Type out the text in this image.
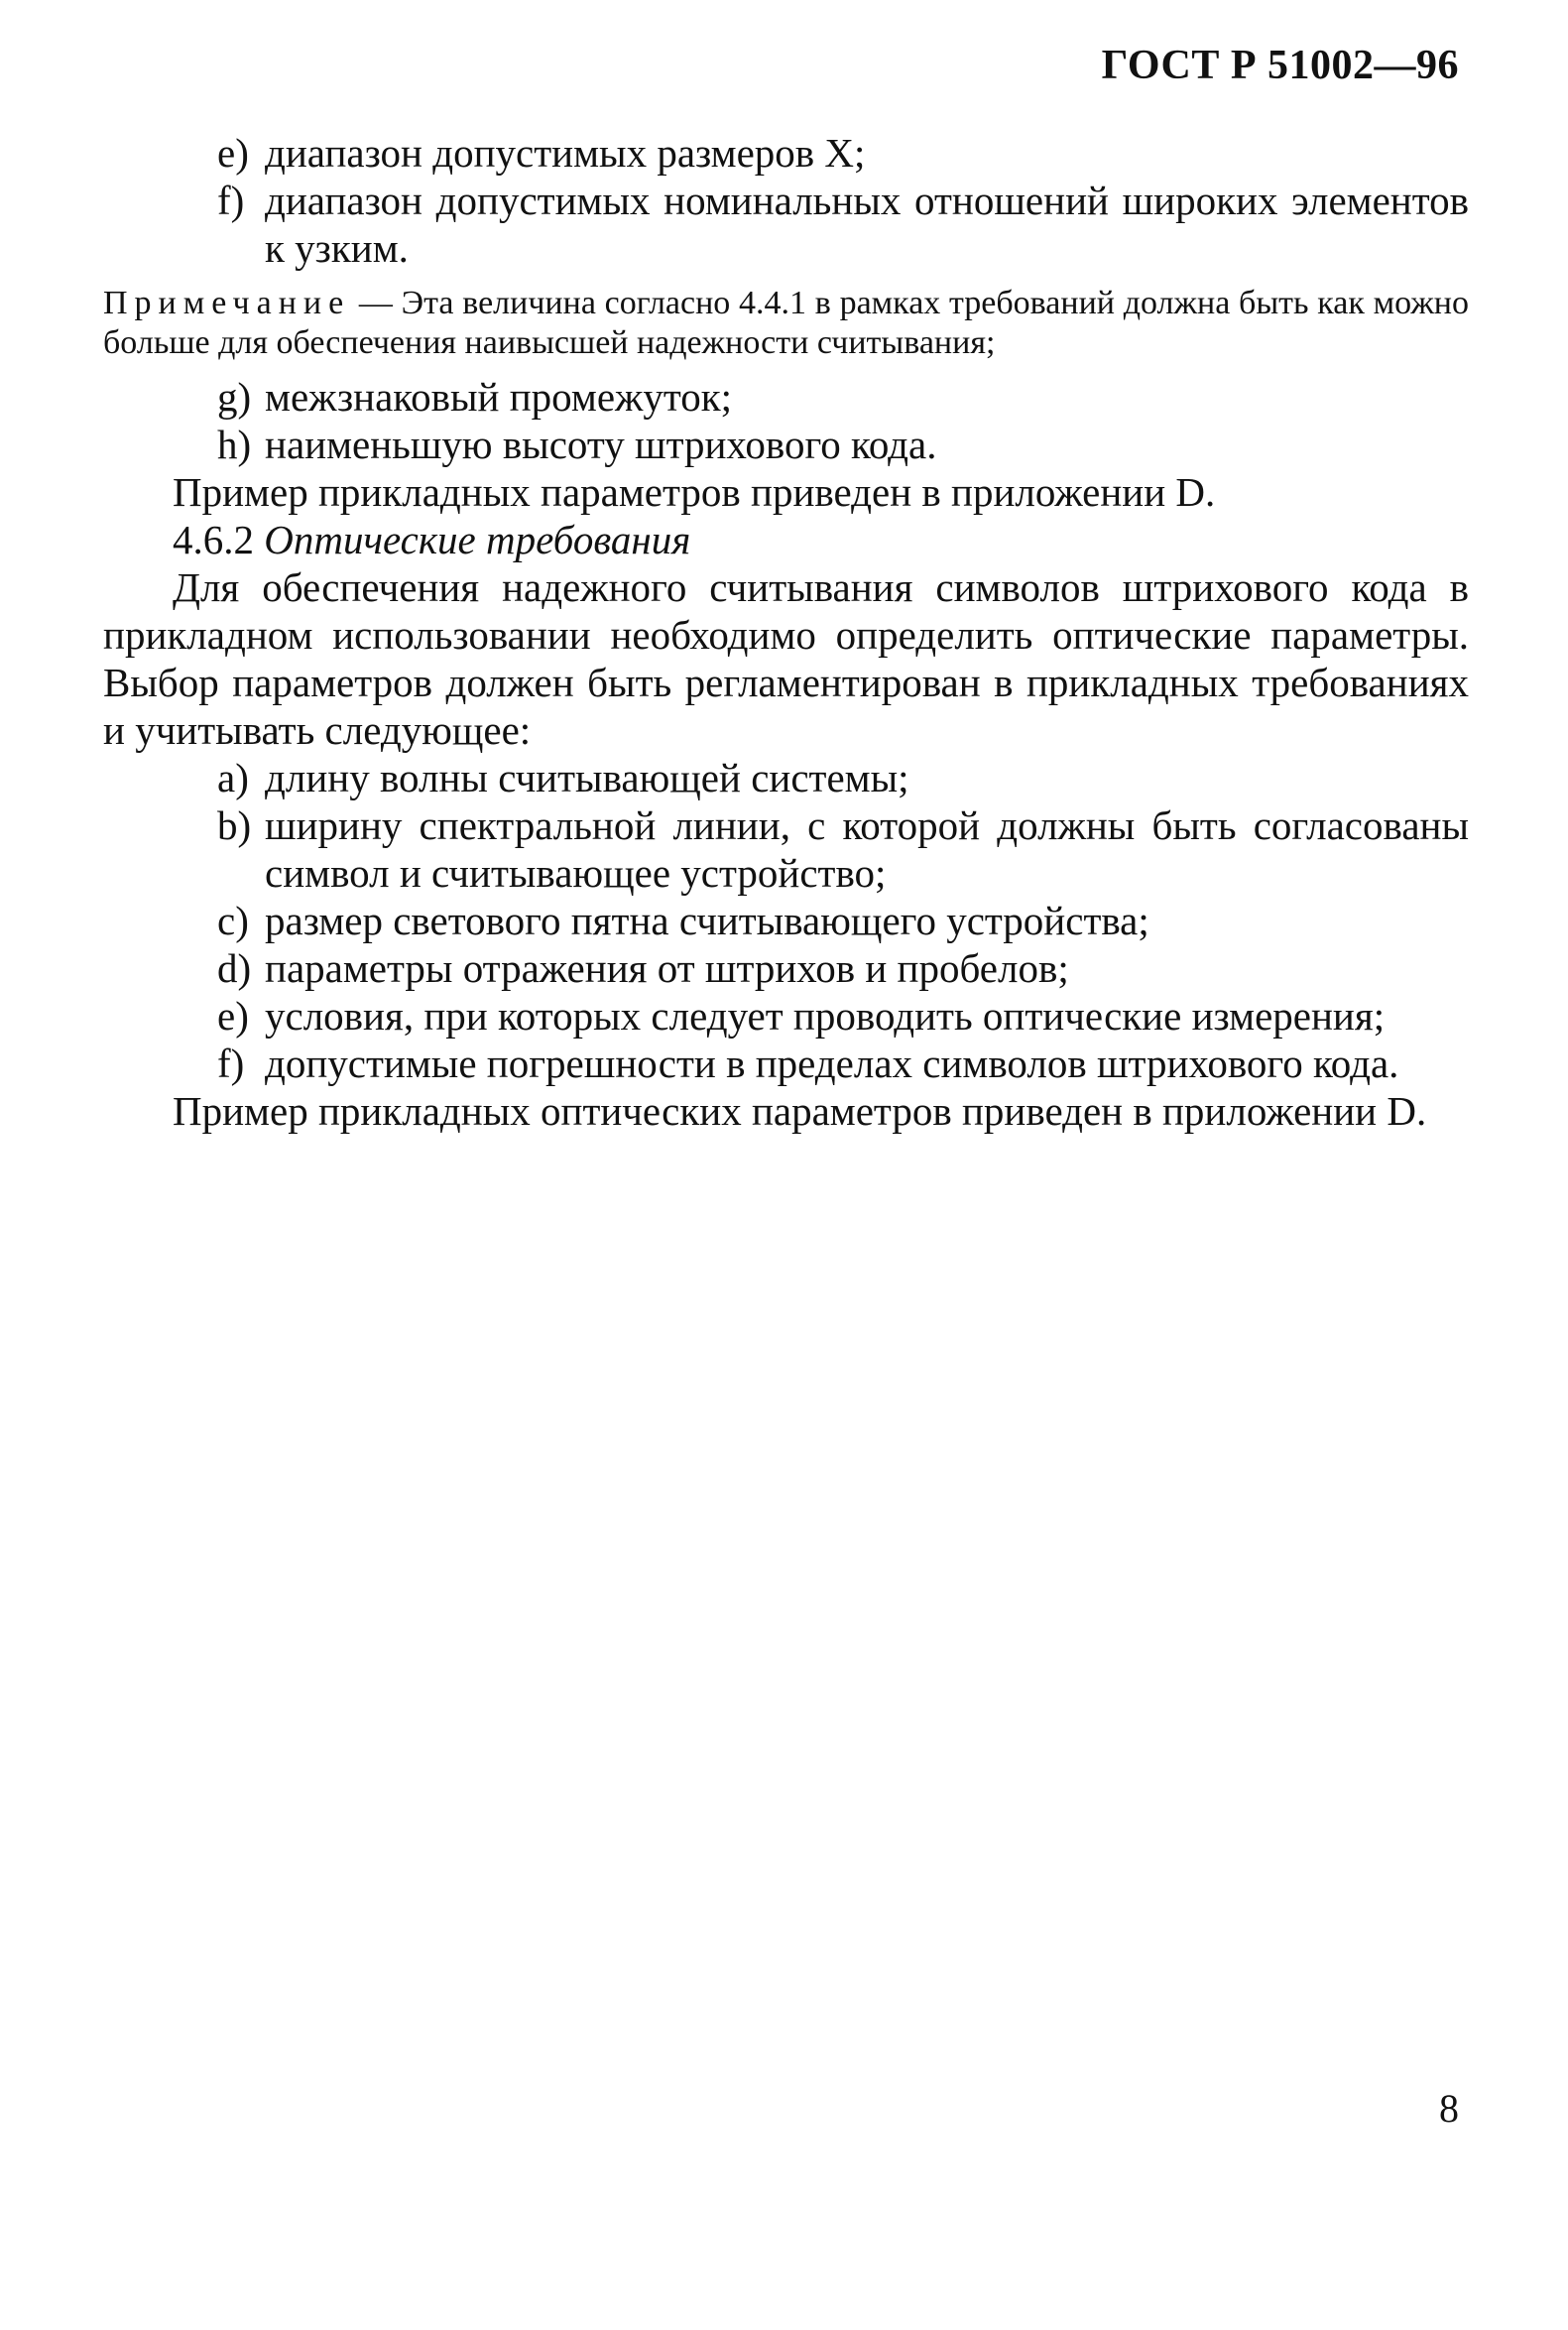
ГОСТ Р 51002—96
e) диапазон допустимых размеров X;
f) диапазон допустимых номинальных отношений широких элементов к узким.
Примечание — Эта величина согласно 4.4.1 в рамках требований должна быть как можно больше для обеспечения наивысшей надежности считывания;
g) межзнаковый промежуток;
h) наименьшую высоту штрихового кода.
Пример прикладных параметров приведен в приложении D.
4.6.2 Оптические требования
Для обеспечения надежного считывания символов штрихового кода в прикладном использовании необходимо определить оптические параметры. Выбор параметров должен быть регламентирован в прикладных требованиях и учитывать следующее:
a) длину волны считывающей системы;
b) ширину спектральной линии, с которой должны быть согласованы символ и считывающее устройство;
c) размер светового пятна считывающего устройства;
d) параметры отражения от штрихов и пробелов;
e) условия, при которых следует проводить оптические измерения;
f) допустимые погрешности в пределах символов штрихового кода.
Пример прикладных оптических параметров приведен в приложении D.
8
